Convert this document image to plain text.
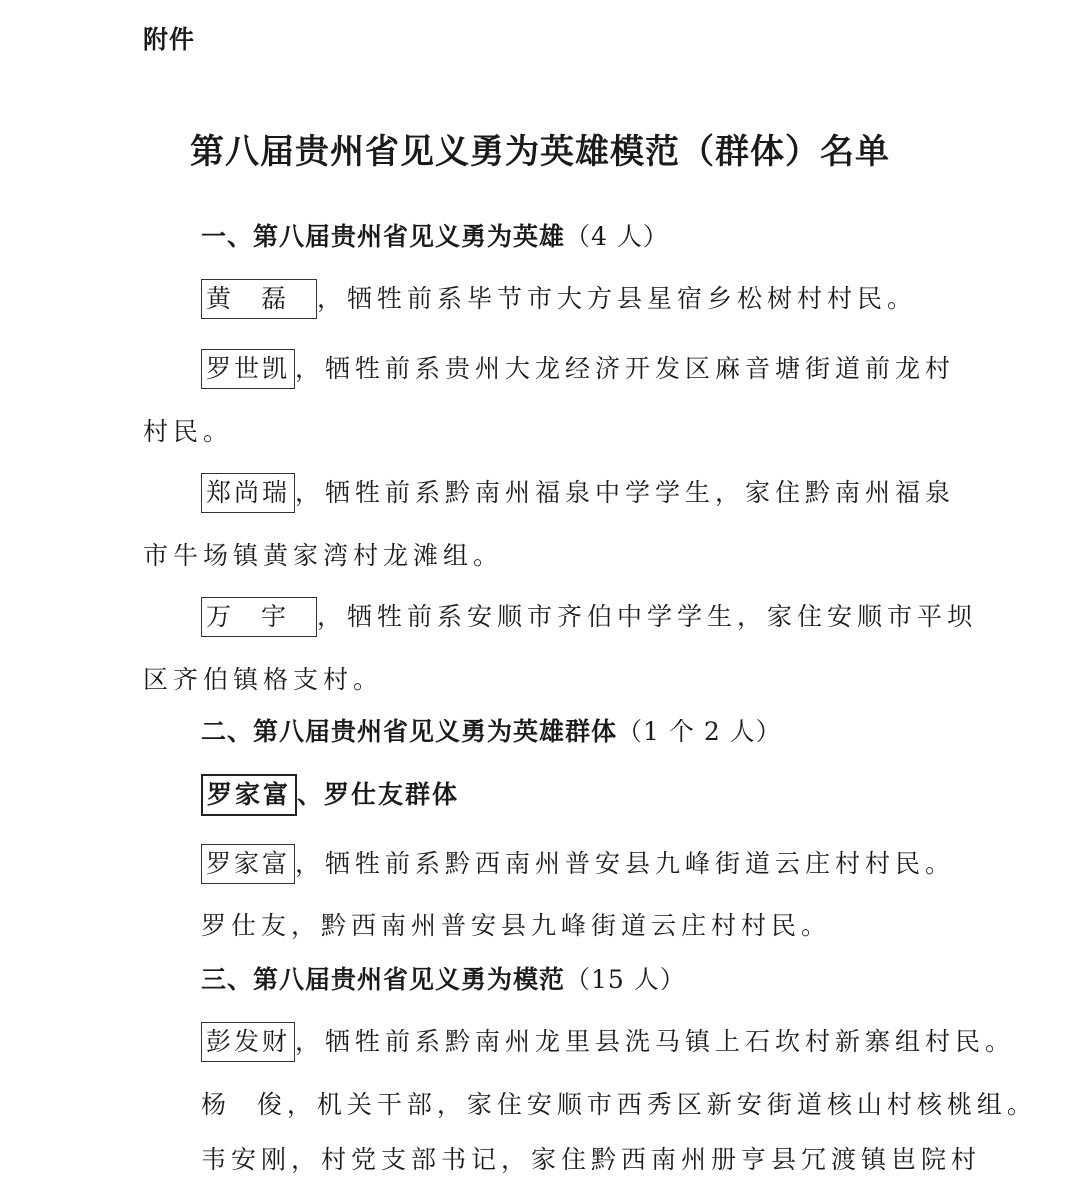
附件
第八届贵州省见义勇为英雄模范（群体）名单
一、第八届贵州省见义勇为英雄（4 人）
黄磊，牺牲前系毕节市大方县星宿乡松树村村民。
罗世凯 ，牺牲前系贵州大龙经济开发区麻音塘街道前龙村
村民。
郑尚瑞 ，牺牲前系黔南州福泉中学学生，家住黔南州福泉
市牛场镇黄家湾村龙滩组。
万宇，牺牲前系安顺市齐伯中学学生，家住安顺市平坝
区齐伯镇格支村。
二、第八届贵州省见义勇为英雄群体（1 个 2 人）
罗家富 、罗仕友群体
罗家富 ，牺牲前系黔西南州普安县九峰街道云庄村村民。
罗仕友，黔西南州普安县九峰街道云庄村村民。
三、第八届贵州省见义勇为模范（15 人）
彭发财 ，牺牲前系黔南州龙里县洗马镇上石坎村新寨组村民。
杨  俊，机关干部，家住安顺市西秀区新安街道核山村核桃组。
韦安刚，村党支部书记，家住黔西南州册亨县冗渡镇岜院村
